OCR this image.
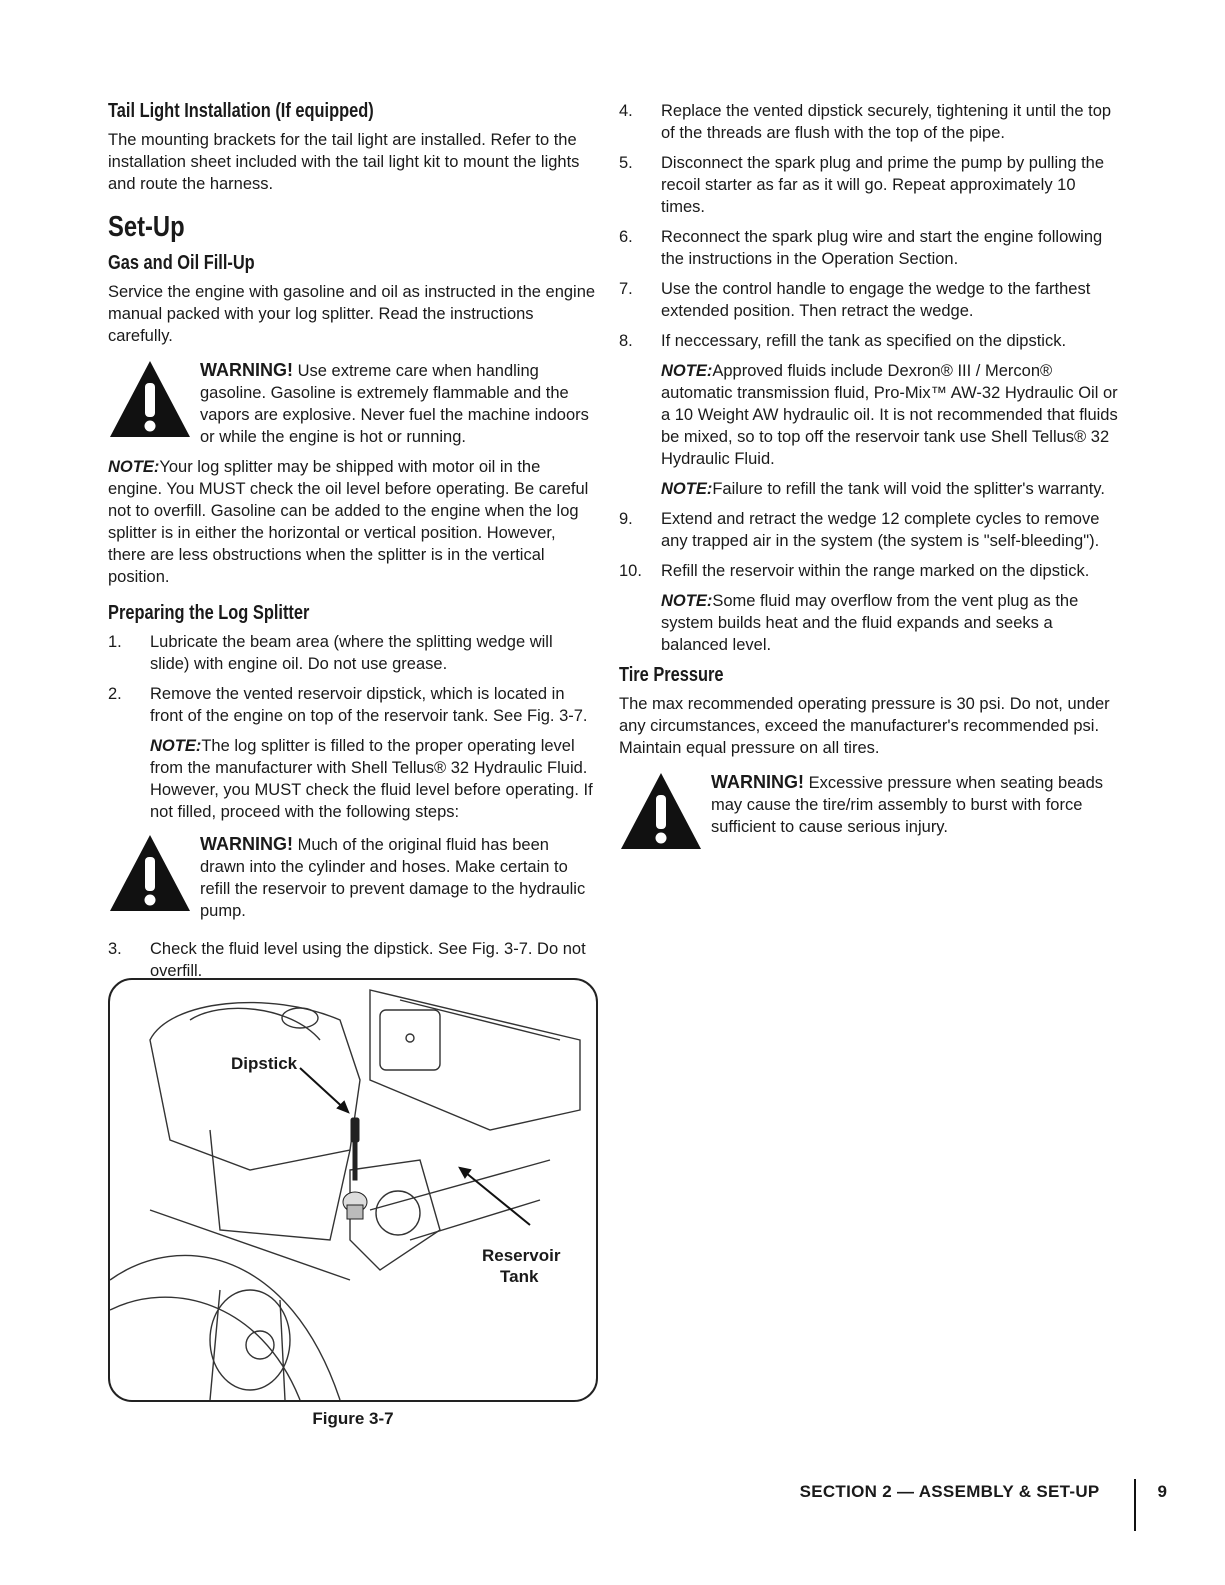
Tail Light Installation (If equipped)

The mounting brackets for the tail light are installed. Refer to the installation sheet included with the tail light kit to mount the lights and route the harness.

Set-Up
Gas and Oil Fill-Up

Service the engine with gasoline and oil as instructed in the engine manual packed with your log splitter. Read the instructions carefully.

WARNING! Use extreme care when handling gasoline. Gasoline is extremely flammable and the vapors are explosive. Never fuel the machine indoors or while the engine is hot or running.

NOTE:Your log splitter may be shipped with motor oil in the engine. You MUST check the oil level before operating. Be careful not to overfill. Gasoline can be added to the engine when the log splitter is in either the horizontal or vertical position. However, there are less obstructions when the splitter is in the vertical position.

Preparing the Log Splitter
1.	Lubricate the beam area (where the splitting wedge will slide) with engine oil. Do not use grease.

2.	Remove the vented reservoir dipstick, which is located in front of the engine on top of the reservoir tank. See Fig. 3-7.

NOTE:The log splitter is filled to the proper operating level from the manufacturer with Shell Tellus® 32 Hydraulic Fluid. However, you MUST check the fluid level before operating. If not filled, proceed with the following steps:

WARNING! Much of the original fluid has been drawn into the cylinder and hoses. Make certain to refill the reservoir to prevent damage to the hydraulic pump.
3.	Check the fluid level using the dipstick. See Fig. 3-7. Do not overfill.

4.	Replace the vented dipstick securely, tightening it until the top of the threads are flush with the top of the pipe.

5.	Disconnect the spark plug and prime the pump by pulling the recoil starter as far as it will go. Repeat approximately 10 times.

6.	Reconnect the spark plug wire and start the engine following the instructions in the Operation Section.

7.	Use the control handle to engage the wedge to the farthest extended position. Then retract the wedge.

8.	If neccessary, refill the tank as specified on the dipstick.

NOTE:Approved fluids include Dexron® III / Mercon® automatic transmission fluid, Pro-Mix™ AW-32 Hydraulic Oil or a 10 Weight AW hydraulic oil. It is not recommended that fluids be mixed, so to top off the reservoir tank use Shell Tellus® 32 Hydraulic Fluid.

NOTE:Failure to refill the tank will void the splitter's warranty.

9.	Extend and retract the wedge 12 complete cycles to remove any trapped air in the system (the system is "self-bleeding").

10.	Refill the reservoir within the range marked on the dipstick.

NOTE:Some fluid may overflow from the vent plug as the system builds heat and the fluid expands and seeks a balanced level.

Tire Pressure

The max recommended operating pressure is 30 psi. Do not, under any circumstances, exceed the manufacturer's recommended psi. Maintain equal pressure on all tires.

WARNING! Excessive pressure when seating beads may cause the tire/rim assembly to burst with force sufficient to cause serious injury.
Dipstick
Reservoir
Tank
Figure 3-7
SECTION 2 — ASSEMBLY & SET-UP	9
